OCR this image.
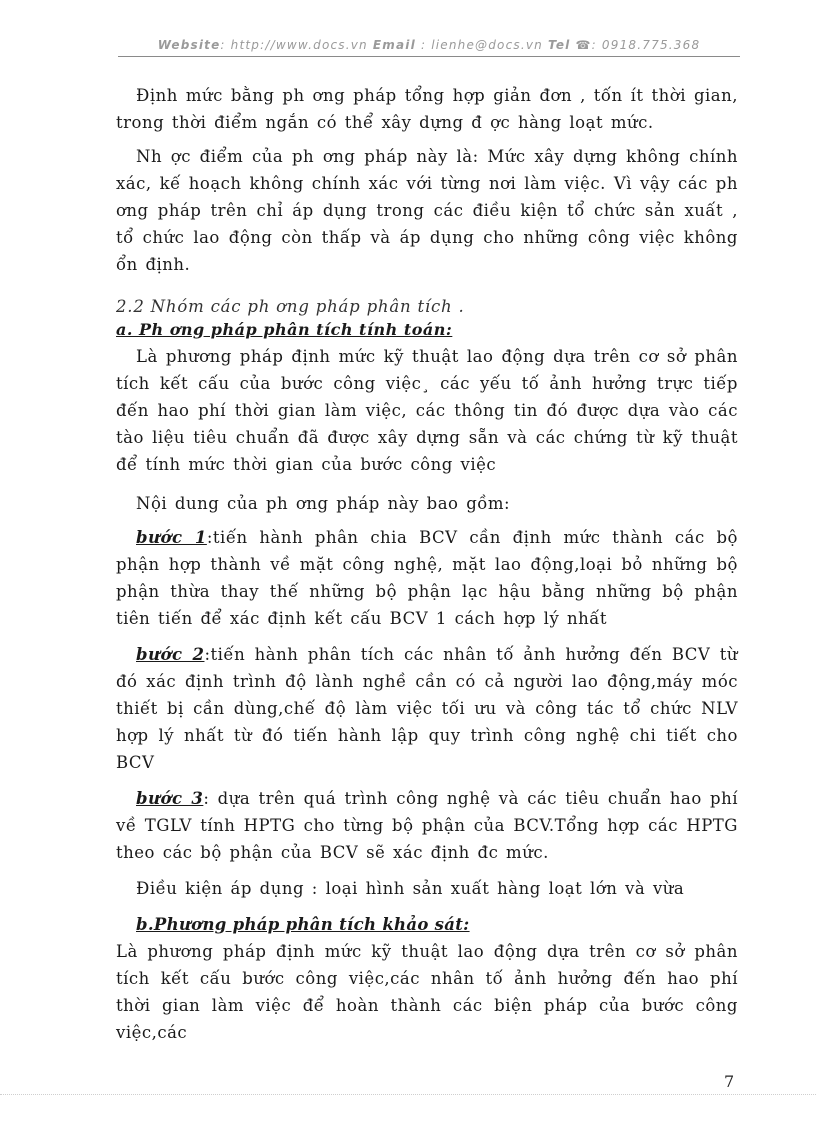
Website: http://www.docs.vn Email : lienhe@docs.vn Tel ☎: 0918.775.368

Định mức bằng ph ơng pháp tổng hợp giản đơn , tốn ít thời gian, trong thời điểm ngắn có thể xây dựng đ ợc hàng loạt mức.

Nh ợc điểm của ph ơng pháp này là: Mức xây dựng không chính xác, kế hoạch không chính xác với từng nơi làm việc. Vì vậy các ph ơng pháp trên chỉ áp dụng trong các điều kiện tổ chức sản xuất , tổ chức lao động còn thấp và áp dụng cho những công việc không ổn định.

2.2 Nhóm các ph ơng pháp phân tích .
a. Ph ơng pháp phân tích tính toán:

Là phương pháp định mức kỹ thuật lao động dựa trên cơ sở phân tích kết cấu của bước công việc¸ các yếu tố ảnh hưởng trực tiếp đến hao phí thời gian làm việc, các thông tin đó được dựa vào các tào liệu tiêu chuẩn đã được xây dựng sẵn và các chứng từ kỹ thuật để tính mức thời gian của bước công việc

Nội dung của ph ơng pháp này bao gồm:

bước 1:tiến hành phân chia BCV cần định mức thành các bộ phận hợp thành về mặt công nghệ, mặt lao động,loại bỏ những bộ phận thừa thay thế những bộ phận lạc hậu bằng những bộ phận tiên tiến để xác định kết cấu BCV 1 cách hợp lý nhất

bước 2:tiến hành phân tích các nhân tố ảnh hưởng đến BCV từ đó xác định trình độ lành nghề cần có cả người lao động,máy móc thiết bị cần dùng,chế độ làm việc tối ưu và công tác tổ chức NLV hợp lý nhất từ đó tiến hành lập quy trình công nghệ chi tiết cho BCV

bước 3: dựa trên quá trình công nghệ và các tiêu chuẩn hao phí về TGLV tính HPTG cho từng bộ phận của BCV.Tổng hợp các HPTG theo các bộ phận của BCV sẽ xác định đc mức.

Điều kiện áp dụng : loại hình sản xuất hàng loạt lớn và vừa

b.Phương pháp phân tích khảo sát:

Là phương pháp định mức kỹ thuật lao động dựa trên cơ sở phân tích kết cấu bước công việc,các nhân tố ảnh hưởng đến hao phí thời gian làm việc để hoàn thành các biện pháp của bước công việc,các

7
